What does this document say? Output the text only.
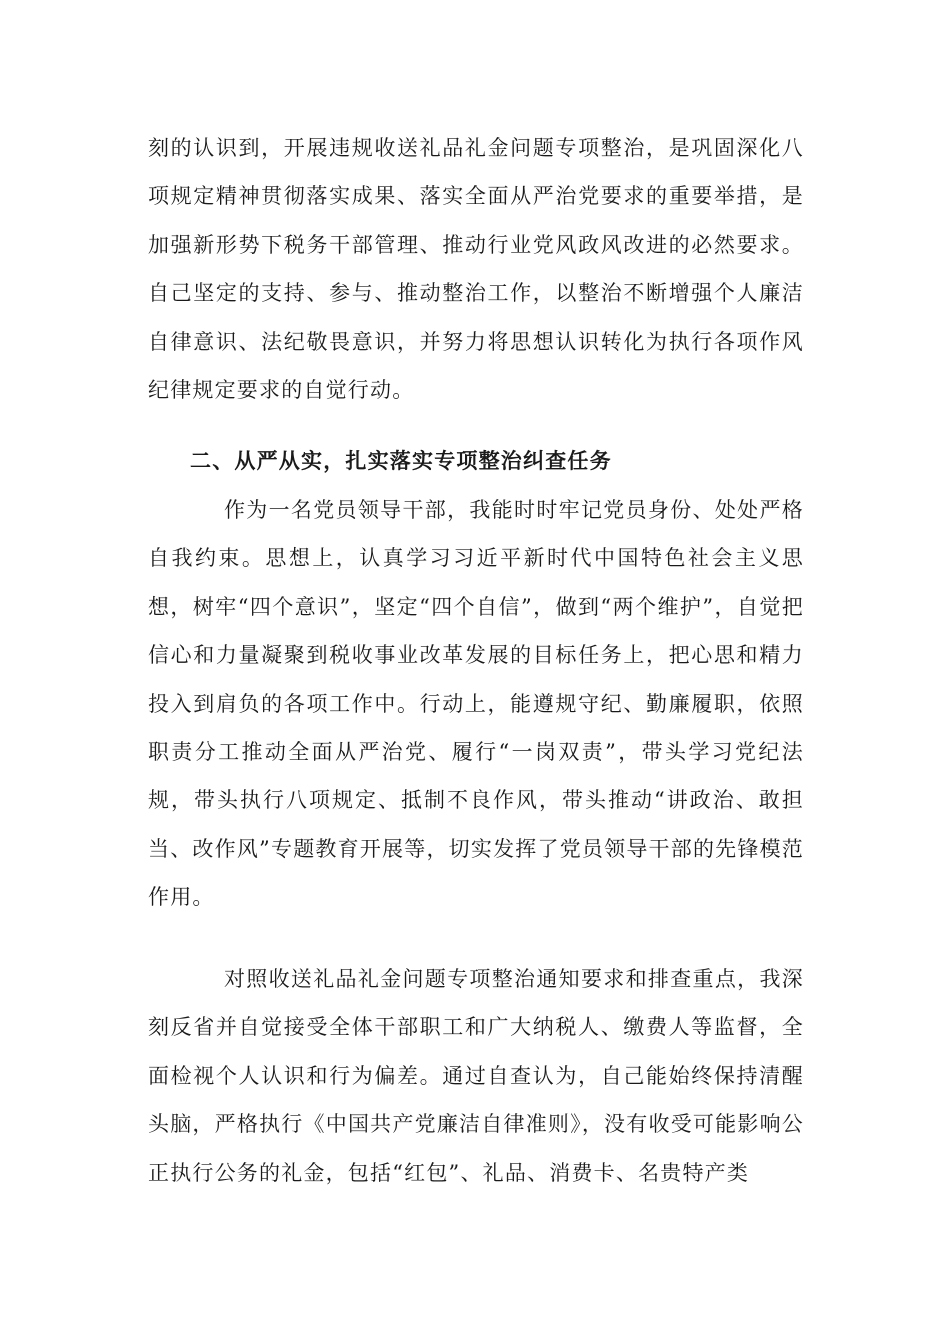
刻的认识到，开展违规收送礼品礼金问题专项整治，是巩固深化八项规定精神贯彻落实成果、落实全面从严治党要求的重要举措，是加强新形势下税务干部管理、推动行业党风政风改进的必然要求。自己坚定的支持、参与、推动整治工作，以整治不断增强个人廉洁自律意识、法纪敬畏意识，并努力将思想认识转化为执行各项作风纪律规定要求的自觉行动。

二、从严从实，扎实落实专项整治纠查任务

作为一名党员领导干部，我能时时牢记党员身份、处处严格自我约束。思想上，认真学习习近平新时代中国特色社会主义思想，树牢“四个意识”，坚定“四个自信”，做到“两个维护”，自觉把信心和力量凝聚到税收事业改革发展的目标任务上，把心思和精力投入到肩负的各项工作中。行动上，能遵规守纪、勤廉履职，依照职责分工推动全面从严治党、履行“一岗双责”，带头学习党纪法规，带头执行八项规定、抵制不良作风，带头推动“讲政治、敢担当、改作风”专题教育开展等，切实发挥了党员领导干部的先锋模范作用。

对照收送礼品礼金问题专项整治通知要求和排查重点，我深刻反省并自觉接受全体干部职工和广大纳税人、缴费人等监督，全面检视个人认识和行为偏差。通过自查认为，自己能始终保持清醒头脑，严格执行《中国共产党廉洁自律准则》，没有收受可能影响公正执行公务的礼金，包括“红包”、礼品、消费卡、名贵特产类
